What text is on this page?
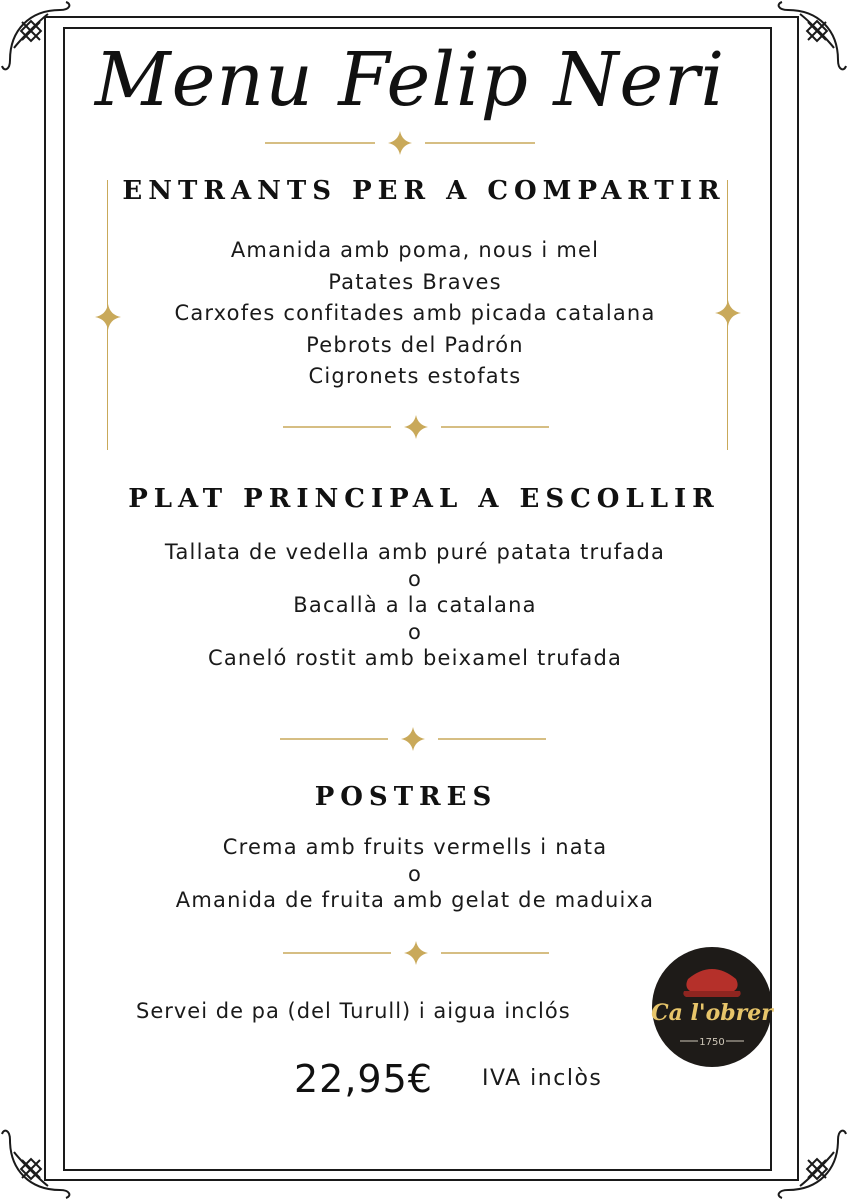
Menu Felip Neri
ENTRANTS PER A COMPARTIR
Amanida amb poma, nous i mel
Patates Braves
Carxofes confitades amb picada catalana
Pebrots del Padrón
Cigronets estofats
PLAT PRINCIPAL A ESCOLLIR
Tallata de vedella amb puré patata trufada
o
Bacallà a la catalana
o
Caneló rostit amb beixamel trufada
POSTRES
Crema amb fruits vermells i nata
o
Amanida de fruita amb gelat de maduixa
Servei de pa (del Turull) i aigua inclós
22,95€ IVA inclòs
Ca l'obrer
1750
